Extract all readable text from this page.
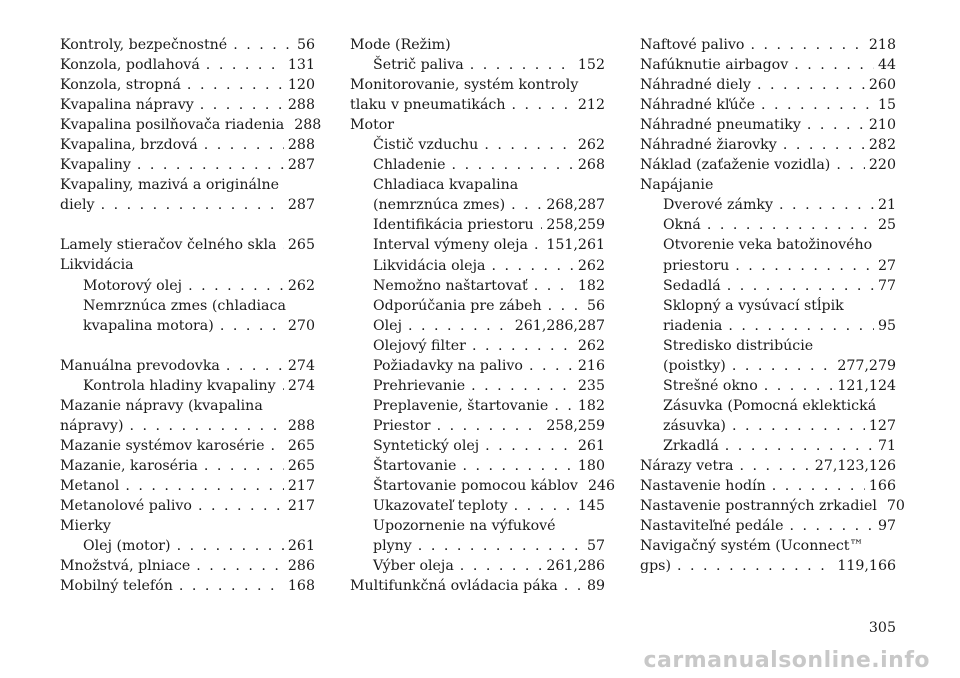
Kontroly, bezpečnostné . . .	56
Konzola, podlahová . . .	131
Konzola, stropná . . .	120
Kvapalina nápravy . . .	288
Kvapalina posilňovača riadenia 288
Kvapalina, brzdová . . .	288
Kvapaliny . . .	287
Kvapaliny, mazivá a originálne
diely . . .	287
Lamely stieračov čelného skla . . . 265
Likvidácia
Motorový olej . . .	262
Nemrznúca zmes (chladiaca
kvapalina motora) . . .	270
Manuálna prevodovka . . .	274
Kontrola hladiny kvapaliny . . . 274
Mazanie nápravy (kvapalina
nápravy) . . .	288
Mazanie systémov karosérie . . . 265
Mazanie, karoséria . . .	265
Metanol . . .	217
Metanolové palivo . . .	217
Mierky
Olej (motor) . . .	261
Množstvá, plniace . . .	286
Mobilný telefón . . .	168
Mode (Režim)
Šetrič paliva . . .	152
Monitorovanie, systém kontroly
tlaku v pneumatikách . . .	212
Motor
Čistič vzduchu . . .	262
Chladenie . . .	268
Chladiaca kvapalina
(nemrznúca zmes) . . .	268,287
Identifikácia priestoru . . . 258,259
Interval výmeny oleja . . . 151,261
Likvidácia oleja . . .	262
Nemožno naštartovať . . .	182
Odporúčania pre zábeh . . .	56
Olej . . .	261,286,287
Olejový filter . . .	262
Požiadavky na palivo . . .	216
Prehrievanie . . .	235
Preplavenie, štartovanie . . . 182
Priestor . . .	258,259
Syntetický olej . . .	261
Štartovanie . . .	180
Štartovanie pomocou káblov 246
Ukazovateľ teploty . . .	145
Upozornenie na výfukové
plyny . . .	57
Výber oleja . . .	261,286
Multifunkčná ovládacia páka . . . 89
Naftové palivo . . .	218
Nafúknutie airbagov . . .	44
Náhradné diely . . .	260
Náhradné kľúče . . .	15
Náhradné pneumatiky . . .	210
Náhradné žiarovky . . .	282
Náklad (zaťaženie vozidla) . . .	220
Napájanie
Dverové zámky . . .	21
Okná . . .	25
Otvorenie veka batožinového
priestoru . . .	27
Sedadlá . . .	77
Sklopný a vysúvací stĺpik
riadenia . . .	95
Stredisko distribúcie
(poistky) . . .	277,279
Strešné okno . . .	121,124
Zásuvka (Pomocná eklektická
zásuvka) . . .	127
Zrkadlá . . .	71
Nárazy vetra . . .	27,123,126
Nastavenie hodín . . .	166
Nastavenie postranných zrkadiel 70
Nastaviteľné pedále . . .	97
Navigačný systém (Uconnect™
gps) . . .	119,166
305
carmanualsonline.info
